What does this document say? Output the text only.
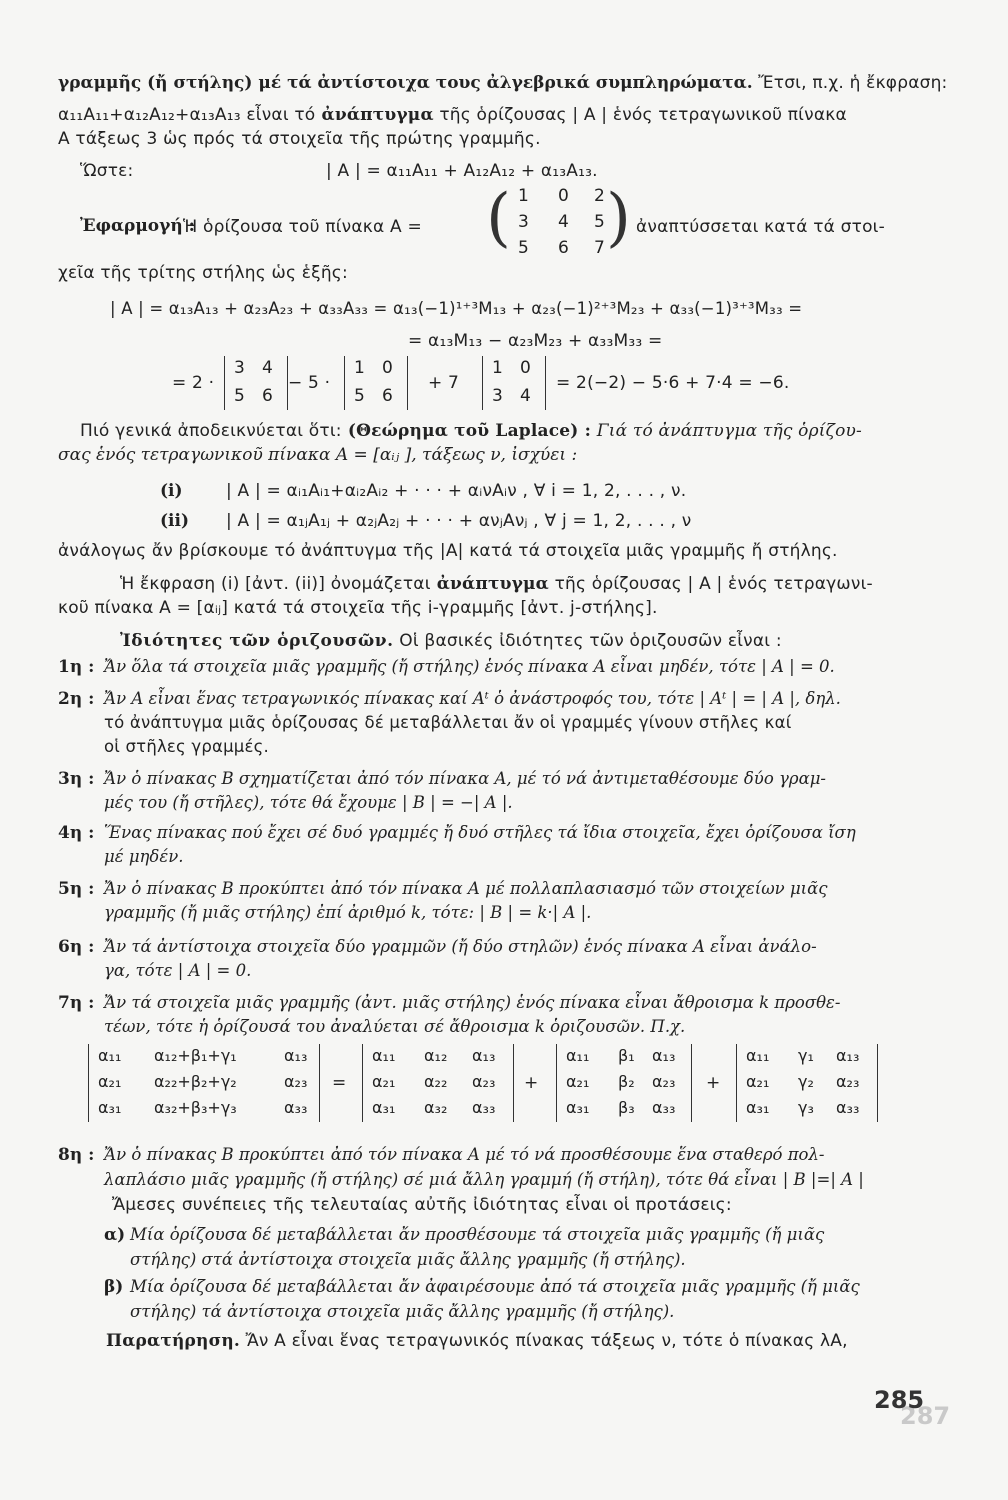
γραμμῆς (ἤ στήλης) μέ τά ἀντίστοιχα τους ἀλγεβρικά συμπληρώματα. Ἔτσι, π.χ. ἡ ἔκφραση:
α₁₁A₁₁+α₁₂A₁₂+α₁₃A₁₃ εἶναι τό ἀνάπτυγμα τῆς ὁρίζουσας | A | ἑνός τετραγωνικοῦ πίνακα
A τάξεως 3 ὡς πρός τά στοιχεῖα τῆς πρώτης γραμμῆς.
Ὥστε:	| A | = α₁₁A₁₁ + A₁₂A₁₂ + α₁₃A₁₃.
Ἐφαρμογή :
Ἡ ὁρίζουσα τοῦ πίνακα A = ( )
1 0 2
3 4 5
5 6 7
ἀναπτύσσεται κατά τά στοι-
χεῖα τῆς τρίτης στήλης ὡς ἑξῆς:
| A | = α₁₃A₁₃ + α₂₃A₂₃ + α₃₃A₃₃ = α₁₃(−1)¹⁺³M₁₃ + α₂₃(−1)²⁺³M₂₃ + α₃₃(−1)³⁺³M₃₃ =
= α₁₃M₁₃ − α₂₃M₂₃ + α₃₃M₃₃ =
= 2 ·	− 5 ·	+ 7	= 2(−2) − 5·6 + 7·4 = −6.
3 4
5 6
1 0
5 6
1 0
3 4
Πιό γενικά ἀποδεικνύεται ὅτι: (Θεώρημα τοῦ Laplace) : Γιά τό ἀνάπτυγμα τῆς ὁρίζου-
σας ἑνός τετραγωνικοῦ πίνακα A = [αᵢⱼ ], τάξεως ν, ἰσχύει :
(i)	| A | = αᵢ₁Aᵢ₁+αᵢ₂Aᵢ₂ + · · · + αᵢνAᵢν , ∀ i = 1, 2, . . . , ν.
(ii) | A | = α₁ⱼA₁ⱼ + α₂ⱼA₂ⱼ + · · · + ανⱼAνⱼ , ∀ j = 1, 2, . . . , ν
ἀνάλογως ἄν βρίσκουμε τό ἀνάπτυγμα τῆς |A| κατά τά στοιχεῖα μιᾶς γραμμῆς ἤ στήλης.
Ἡ ἔκφραση (i) [ἀντ. (ii)] ὀνομάζεται ἀνάπτυγμα τῆς ὁρίζουσας | A | ἑνός τετραγωνι-
κοῦ πίνακα A = [αᵢⱼ] κατά τά στοιχεῖα τῆς i-γραμμῆς [ἀντ. j-στήλης].
Ἰδιότητες τῶν ὁριζουσῶν. Οἱ βασικές ἰδιότητες τῶν ὁριζουσῶν εἶναι :
1η : Ἄν ὅλα τά στοιχεῖα μιᾶς γραμμῆς (ἤ στήλης) ἑνός πίνακα A εἶναι μηδέν, τότε | A | = 0.
2η : Ἄν A εἶναι ἕνας τετραγωνικός πίνακας καί Aᵗ ὁ ἀνάστροφός του, τότε | Aᵗ | = | A |, δηλ.
τό ἀνάπτυγμα μιᾶς ὁρίζουσας δέ μεταβάλλεται ἄν οἱ γραμμές γίνουν στῆλες καί
οἱ στῆλες γραμμές.
3η : Ἄν ὁ πίνακας B σχηματίζεται ἀπό τόν πίνακα A, μέ τό νά ἀντιμεταθέσουμε δύο γραμ-
μές του (ἤ στῆλες), τότε θά ἔχουμε | B | = −| A |.
4η : Ἕνας πίνακας πού ἔχει σέ δυό γραμμές ἤ δυό στῆλες τά ἴδια στοιχεῖα, ἔχει ὁρίζουσα ἴση
μέ μηδέν.
5η : Ἄν ὁ πίνακας B προκύπτει ἀπό τόν πίνακα A μέ πολλαπλασιασμό τῶν στοιχείων μιᾶς
γραμμῆς (ἤ μιᾶς στήλης) ἐπί ἀριθμό k, τότε: | B | = k·| A |.
6η : Ἄν τά ἀντίστοιχα στοιχεῖα δύο γραμμῶν (ἤ δύο στηλῶν) ἑνός πίνακα A εἶναι ἀνάλο-
γα, τότε | A | = 0.
7η : Ἄν τά στοιχεῖα μιᾶς γραμμῆς (ἀντ. μιᾶς στήλης) ἑνός πίνακα εἶναι ἄθροισμα k προσθε-
τέων, τότε ἡ ὁρίζουσά του ἀναλύεται σέ ἄθροισμα k ὁριζουσῶν. Π.χ.
α₁₁ α₁₂+β₁+γ₁	α₁₃
α₂₁ α₂₂+β₂+γ₂	α₂₃
α₃₁ α₃₂+β₃+γ₃	α₃₃
α₁₁ α₁₂ α₁₃
α₂₁ α₂₂ α₂₃
α₃₁ α₃₂ α₃₃
α₁₁ β₁ α₁₃
α₂₁ β₂ α₂₃
α₃₁ β₃ α₃₃
α₁₁ γ₁ α₁₃
α₂₁ γ₂ α₂₃
α₃₁ γ₃ α₃₃
=	+	+
8η : Ἄν ὁ πίνακας B προκύπτει ἀπό τόν πίνακα A μέ τό νά προσθέσουμε ἕνα σταθερό πολ-
λαπλάσιο μιᾶς γραμμῆς (ἤ στήλης) σέ μιά ἄλλη γραμμή (ἤ στήλη), τότε θά εἶναι | B |=| A |
Ἄμεσες συνέπειες τῆς τελευταίας αὐτῆς ἰδιότητας εἶναι οἱ προτάσεις:
α) Μία ὁρίζουσα δέ μεταβάλλεται ἄν προσθέσουμε τά στοιχεῖα μιᾶς γραμμῆς (ἤ μιᾶς
στήλης) στά ἀντίστοιχα στοιχεῖα μιᾶς ἄλλης γραμμῆς (ἤ στήλης).
β) Μία ὁρίζουσα δέ μεταβάλλεται ἄν ἀφαιρέσουμε ἀπό τά στοιχεῖα μιᾶς γραμμῆς (ἤ μιᾶς
στήλης) τά ἀντίστοιχα στοιχεῖα μιᾶς ἄλλης γραμμῆς (ἤ στήλης).
Παρατήρηση. Ἄν A εἶναι ἕνας τετραγωνικός πίνακας τάξεως ν, τότε ὁ πίνακας λA,
287
285
